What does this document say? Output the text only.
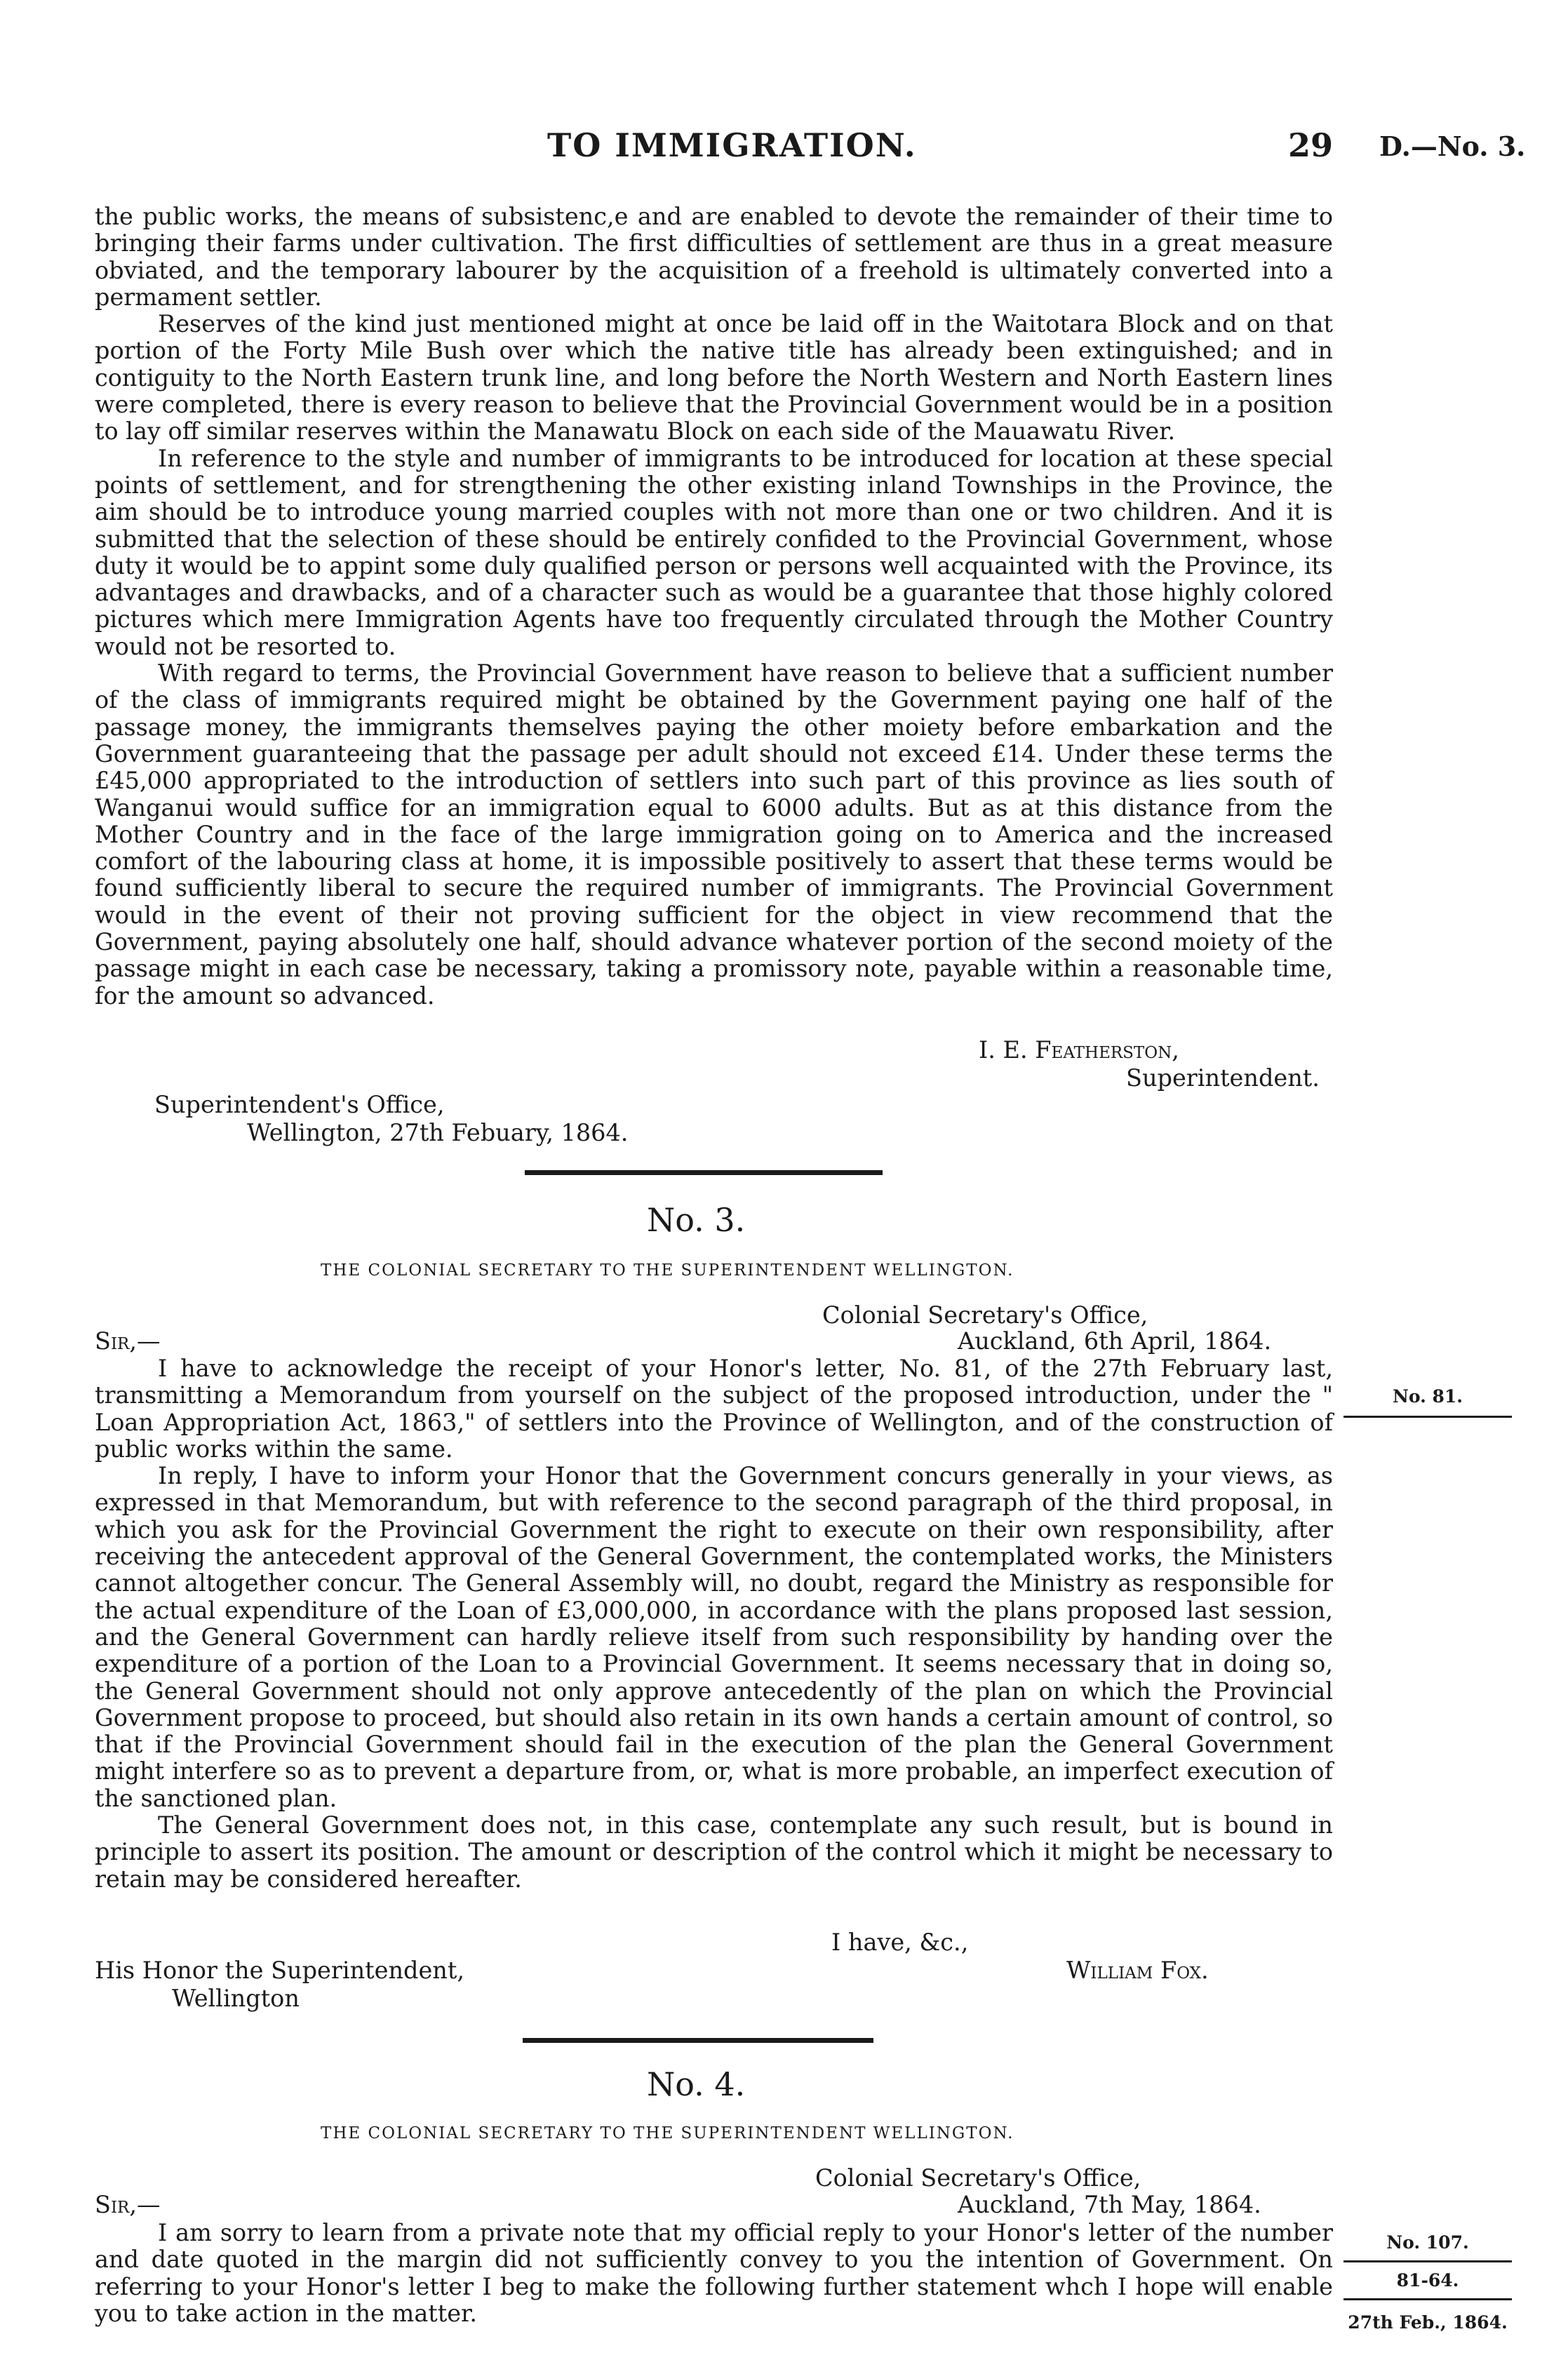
TO IMMIGRATION.	29 D.—No. 3.

the public works, the means of subsistenc,e and are enabled to devote the remainder of their time to bringing their farms under cultivation. The first difficulties of settlement are thus in a great measure obviated, and the temporary labourer by the acquisition of a freehold is ultimately converted into a permament settler.

Reserves of the kind just mentioned might at once be laid off in the Waitotara Block and on that portion of the Forty Mile Bush over which the native title has already been extinguished; and in contiguity to the North Eastern trunk line, and long before the North Western and North Eastern lines were completed, there is every reason to believe that the Provincial Government would be in a position to lay off similar reserves within the Manawatu Block on each side of the Mauawatu River.

In reference to the style and number of immigrants to be introduced for location at these special points of settlement, and for strengthening the other existing inland Townships in the Province, the aim should be to introduce young married couples with not more than one or two children. And it is submitted that the selection of these should be entirely confided to the Provincial Government, whose duty it would be to appint some duly qualified person or persons well acquainted with the Province, its advantages and drawbacks, and of a character such as would be a guarantee that those highly colored pictures which mere Immigration Agents have too frequently circulated through the Mother Country would not be resorted to.

With regard to terms, the Provincial Government have reason to believe that a sufficient number of the class of immigrants required might be obtained by the Government paying one half of the passage money, the immigrants themselves paying the other moiety before embarkation and the Government guaranteeing that the passage per adult should not exceed £14. Under these terms the £45,000 appropriated to the introduction of settlers into such part of this province as lies south of Wanganui would suffice for an immigration equal to 6000 adults. But as at this distance from the Mother Country and in the face of the large immigration going on to America and the increased comfort of the labouring class at home, it is impossible positively to assert that these terms would be found sufficiently liberal to secure the required number of immigrants. The Provincial Government would in the event of their not proving sufficient for the object in view recommend that the Government, paying absolutely one half, should advance whatever portion of the second moiety of the passage might in each case be necessary, taking a promissory note, payable within a reasonable time, for the amount so advanced.

I. E. Featherston,
Superintendent.
Superintendent's Office,
Wellington, 27th Febuary, 1864.
No. 3.
THE COLONIAL SECRETARY TO THE SUPERINTENDENT WELLINGTON.
Colonial Secretary's Office,
Sir,—	Auckland, 6th April, 1864.

I have to acknowledge the receipt of your Honor's letter, No. 81, of the 27th February last, transmitting a Memorandum from yourself on the subject of the proposed introduction, under the " Loan Appropriation Act, 1863," of settlers into the Province of Wellington, and of the construction of public works within the same.

In reply, I have to inform your Honor that the Government concurs generally in your views, as expressed in that Memorandum, but with reference to the second paragraph of the third proposal, in which you ask for the Provincial Government the right to execute on their own responsibility, after receiving the antecedent approval of the General Government, the contemplated works, the Ministers cannot altogether concur. The General Assembly will, no doubt, regard the Ministry as responsible for the actual expenditure of the Loan of £3,000,000, in accordance with the plans proposed last session, and the General Government can hardly relieve itself from such responsibility by handing over the expenditure of a portion of the Loan to a Provincial Government. It seems necessary that in doing so, the General Government should not only approve antecedently of the plan on which the Provincial Government propose to proceed, but should also retain in its own hands a certain amount of control, so that if the Provincial Government should fail in the execution of the plan the General Government might interfere so as to prevent a departure from, or, what is more probable, an imperfect execution of the sanctioned plan.

The General Government does not, in this case, contemplate any such result, but is bound in principle to assert its position. The amount or description of the control which it might be necessary to retain may be considered hereafter.

I have, &c.,
His Honor the Superintendent,	William Fox.
Wellington
No. 81.
No. 4.
THE COLONIAL SECRETARY TO THE SUPERINTENDENT WELLINGTON.
Colonial Secretary's Office,
Sir,—	Auckland, 7th May, 1864.

I am sorry to learn from a private note that my official reply to your Honor's letter of the number and date quoted in the margin did not sufficiently convey to you the intention of Government. On referring to your Honor's letter I beg to make the following further statement whch I hope will enable you to take action in the matter.

No. 107.
81-64.
27th Feb., 1864.
